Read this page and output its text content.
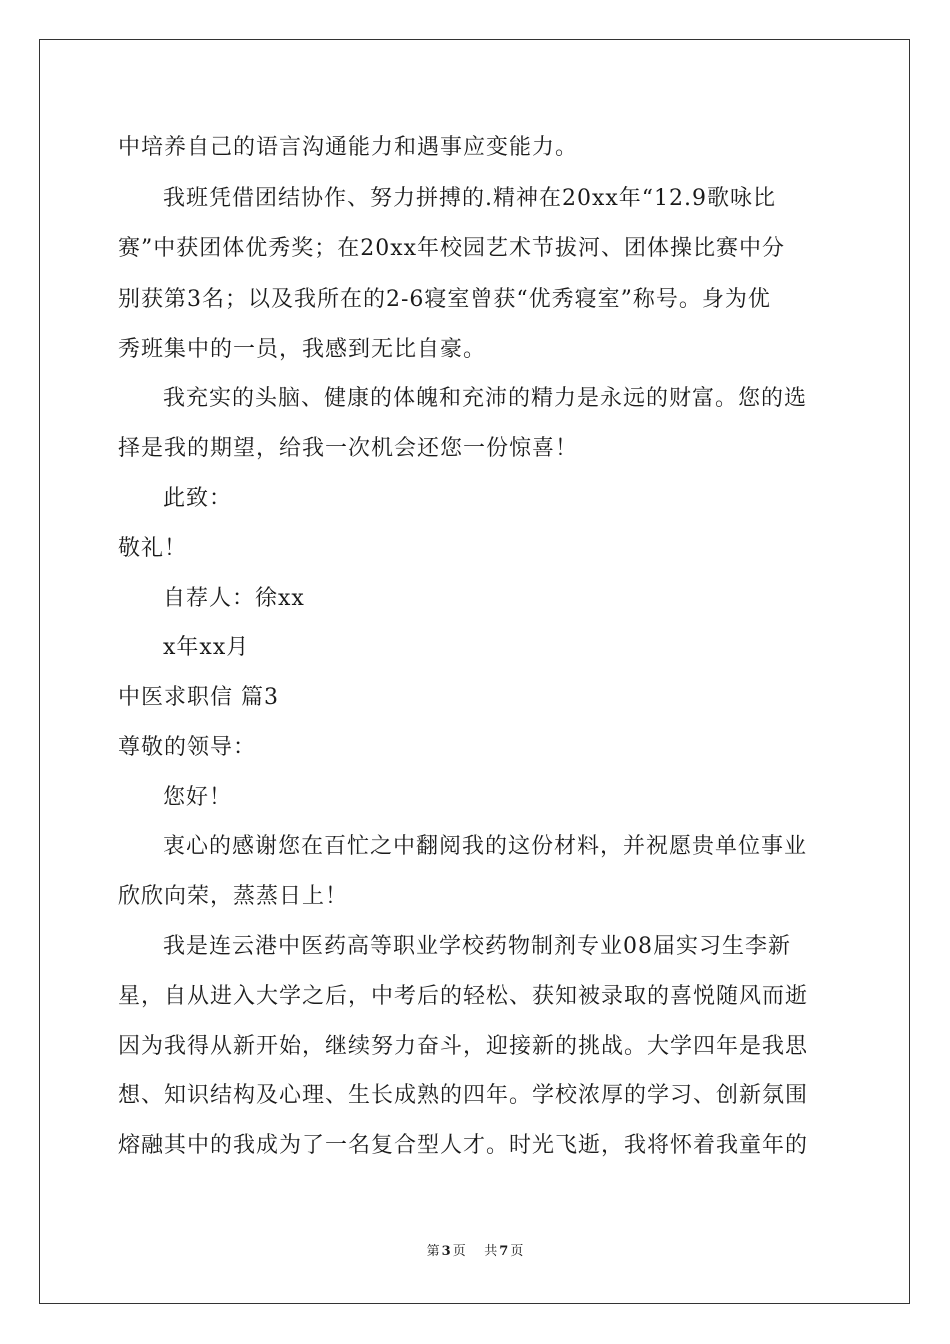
中培养自己的语言沟通能力和遇事应变能力。
我班凭借团结协作、努力拼搏的.精神在20xx年“12.9歌咏比
赛”中获团体优秀奖；在20xx年校园艺术节拔河、团体操比赛中分
别获第3名；以及我所在的2-6寝室曾获“优秀寝室”称号。身为优
秀班集中的一员，我感到无比自豪。
我充实的头脑、健康的体魄和充沛的精力是永远的财富。您的选
择是我的期望，给我一次机会还您一份惊喜！
此致：
敬礼！
自荐人：徐xx
x年xx月
中医求职信 篇3
尊敬的领导：
您好！
衷心的感谢您在百忙之中翻阅我的这份材料，并祝愿贵单位事业
欣欣向荣，蒸蒸日上！
我是连云港中医药高等职业学校药物制剂专业08届实习生李新
星，自从进入大学之后，中考后的轻松、获知被录取的喜悦随风而逝
因为我得从新开始，继续努力奋斗，迎接新的挑战。大学四年是我思
想、知识结构及心理、生长成熟的四年。学校浓厚的学习、创新氛围
熔融其中的我成为了一名复合型人才。时光飞逝，我将怀着我童年的
第 3 页 共 7 页
